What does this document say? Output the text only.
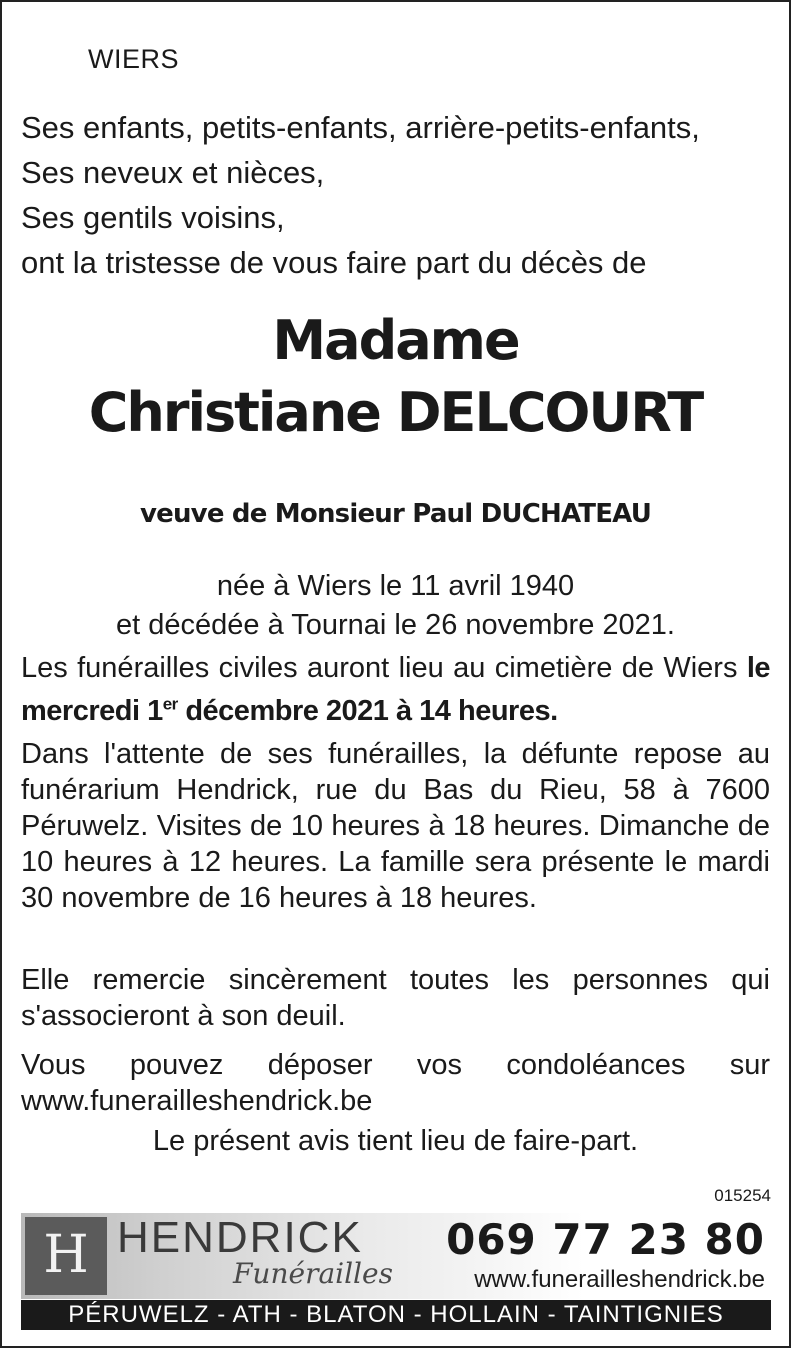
WIERS
Ses enfants, petits-enfants, arrière-petits-enfants,
Ses neveux et nièces,
Ses gentils voisins,
ont la tristesse de vous faire part du décès de
Madame
Christiane DELCOURT
veuve de Monsieur Paul DUCHATEAU
née à Wiers le 11 avril 1940
et décédée à Tournai le 26 novembre 2021.
Les funérailles civiles auront lieu au cimetière de Wiers le mercredi 1er décembre 2021 à 14 heures.
Dans l'attente de ses funérailles, la défunte repose au funérarium Hendrick, rue du Bas du Rieu, 58 à 7600 Péruwelz. Visites de 10 heures à 18 heures. Dimanche de 10 heures à 12 heures. La famille sera présente le mardi 30 novembre de 16 heures à 18 heures.
Elle remercie sincèrement toutes les personnes qui s'associeront à son deuil.
Vous pouvez déposer vos condoléances sur www.funerailleshendrick.be
Le présent avis tient lieu de faire-part.
015254
H HENDRICK
Funérailles
069 77 23 80
www.funerailleshendrick.be
PÉRUWELZ - ATH - BLATON - HOLLAIN - TAINTIGNIES
